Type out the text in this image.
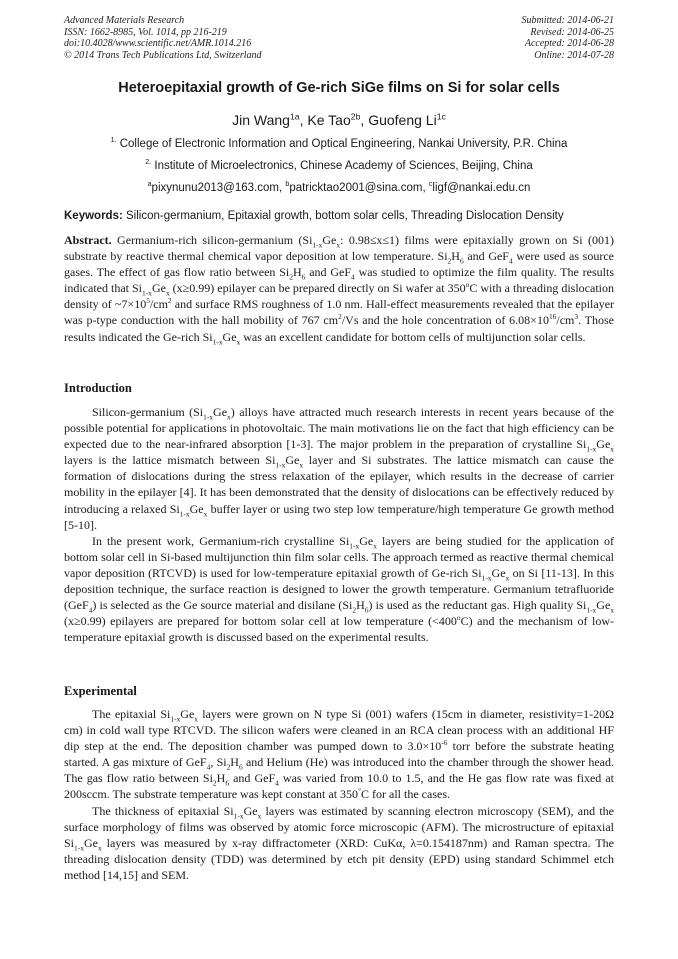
Advanced Materials Research
ISSN: 1662-8985, Vol. 1014, pp 216-219
doi:10.4028/www.scientific.net/AMR.1014.216
© 2014 Trans Tech Publications Ltd, Switzerland
Submitted: 2014-06-21
Revised: 2014-06-25
Accepted: 2014-06-28
Online: 2014-07-28
Heteroepitaxial growth of Ge-rich SiGe films on Si for solar cells
Jin Wang$^{1a}$, Ke Tao$^{2b}$, Guofeng $Li^{1c}$
$^{1.}$ College of Electronic Information and Optical Engineering, Nankai University, P.R. China
$^{2.}$ Institute of Microelectronics, Chinese Academy of Sciences, Beijing, China
$^a$pixynunu2013@163.com, $^b$patricktao2001@sina.com, $^c$ligf@nankai.edu.cn
Keywords: Silicon-germanium, Epitaxial growth, bottom solar cells, Threading Dislocation Density

Abstract. Germanium-rich silicon-germanium ($Si_{1-x}Ge_x$: 0.98≤x≤1) films were epitaxially grown on Si (001) substrate by reactive thermal chemical vapor deposition at low temperature. $Si_2H_6$ and GeF$_4$ were used as source gases. The effect of gas flow ratio between $Si_2H_6$ and GeF$_4$ was studied to optimize the film quality. The results indicated that $Si_{1-x}Ge_x$ (x≥0.99) epilayer can be prepared directly on Si wafer at 350$^o$C with a threading dislocation density of $\sim 7\times 10^5/cm^2$ and surface RMS roughness of 1.0 nm. Hall-effect measurements revealed that the epilayer was p-type conduction with the hall mobility of 767 $cm^2/Vs$ and the hole concentration of $6.08\times 10^{16}/cm^3$. Those results indicated the Ge-rich $Si_{1-x}Ge_x$ was an excellent candidate for bottom cells of multijunction solar cells.

Introduction

Silicon-germanium $(Si_{1-x}Ge_x)$ alloys have attracted much research interests in recent years because of the possible potential for applications in photovoltaic. The main motivations lie on the fact that high efficiency can be expected due to the near-infrared absorption [1-3]. The major problem in the preparation of crystalline $Si_{1-x}Ge_x$ layers is the lattice mismatch between $Si_{1-x}Ge_x$ layer and Si substrates. The lattice mismatch can cause the formation of dislocations during the stress relaxation of the epilayer, which results in the decrease of carrier mobility in the epilayer [4]. It has been demonstrated that the density of dislocations can be effectively reduced by introducing a relaxed $Si_{1-x}Ge_x$ buffer layer or using two step low temperature/high temperature Ge growth method [5-10].

In the present work, Germanium-rich crystalline $Si_{1-x}Ge_x$ layers are being studied for the application of bottom solar cell in Si-based multijunction thin film solar cells. The approach termed as reactive thermal chemical vapor deposition (RTCVD) is used for low-temperature epitaxial growth of Ge-rich $Si_{1-x}Ge_x$ on Si [11-13]. In this deposition technique, the surface reaction is designed to lower the growth temperature. Germanium tetrafluoride (GeF$_4$) is selected as the Ge source material and disilane $(Si_2H_6)$ is used as the reductant gas. High quality $Si_{1-x}Ge_x$ (x≥0.99) epilayers are prepared for bottom solar cell at low temperature $(<400^oC)$ and the mechanism of low-temperature epitaxial growth is discussed based on the experimental results.

Experimental

The epitaxial $Si_{1-x}Ge_x$ layers were grown on N type Si (001) wafers (15cm in diameter, resistivity=1-20Ω cm) in cold wall type RTCVD. The silicon wafers were cleaned in an RCA clean process with an additional HF dip step at the end. The deposition chamber was pumped down to $3.0\times 10^{-6}$ torr before the substrate heating started. A gas mixture of GeF$_4$, $Si_2H_6$ and Helium (He) was introduced into the chamber through the shower head. The gas flow ratio between $Si_2H_6$ and GeF$_4$ was varied from 10.0 to 1.5, and the He gas flow rate was fixed at 200sccm. The substrate temperature was kept constant at 350°C for all the cases.

The thickness of epitaxial $Si_{1-x}Ge_x$ layers was estimated by scanning electron microscopy (SEM), and the surface morphology of films was observed by atomic force microscopic (AFM). The microstructure of epitaxial $Si_{1-x}Ge_x$ layers was measured by x-ray diffractometer (XRD: CuKα, λ=0.154187nm) and Raman spectra. The threading dislocation density (TDD) was determined by etch pit density (EPD) using standard Schimmel etch method [14,15] and SEM.
